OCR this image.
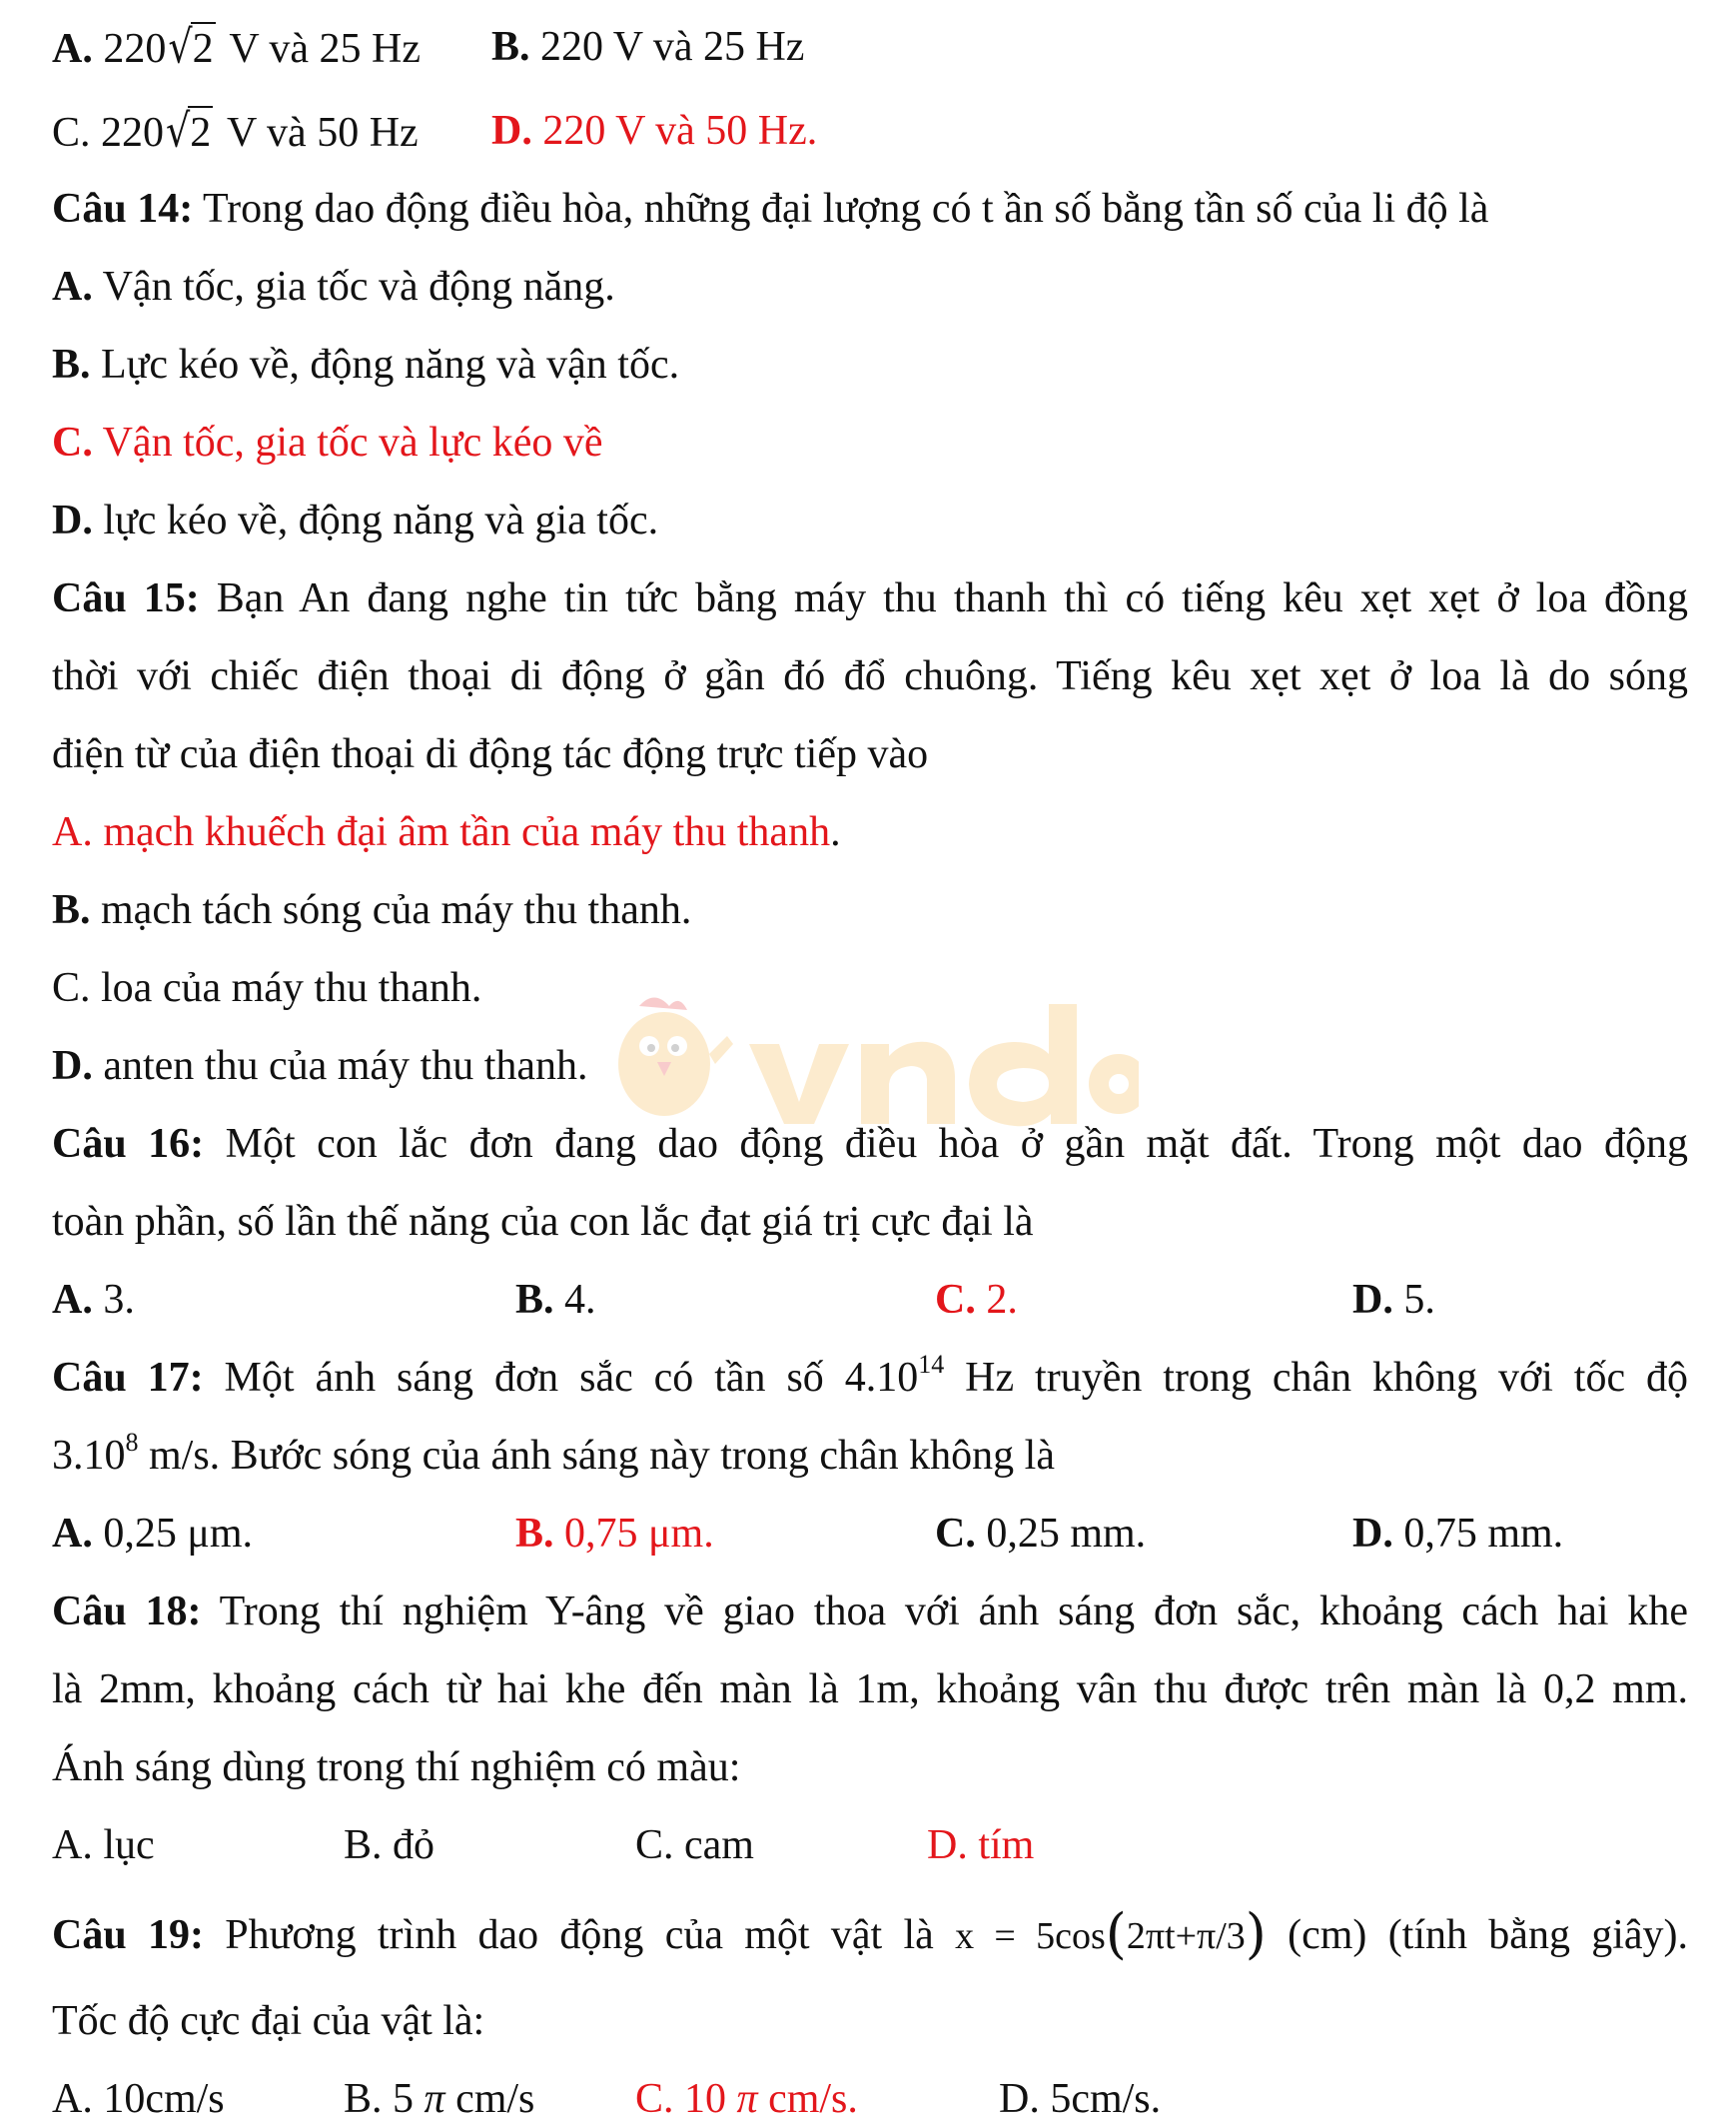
A. 220√2 V và 25 Hz B. 220 V và 25 Hz
C. 220√2 V và 50 Hz D. 220 V và 50 Hz.
Câu 14: Trong dao động điều hòa, những đại lượng có t ần số bằng tần số của li độ là
A. Vận tốc, gia tốc và động năng.
B. Lực kéo về, động năng và vận tốc.
C. Vận tốc, gia tốc và lực kéo về
D. lực kéo về, động năng và gia tốc.
Câu 15: Bạn An đang nghe tin tức bằng máy thu thanh thì có tiếng kêu xẹt xẹt ở loa đồng
thời với chiếc điện thoại di động ở gần đó đổ chuông. Tiếng kêu xẹt xẹt ở loa là do sóng
điện từ của điện thoại di động tác động trực tiếp vào
A. mạch khuếch đại âm tần của máy thu thanh.
B. mạch tách sóng của máy thu thanh.
C. loa của máy thu thanh.
D. anten thu của máy thu thanh.
Câu 16: Một con lắc đơn đang dao động điều hòa ở gần mặt đất. Trong một dao động
toàn phần, số lần thế năng của con lắc đạt giá trị cực đại là
A. 3.	B. 4.	C. 2.	D. 5.
Câu 17: Một ánh sáng đơn sắc có tần số 4.10$^{14}$ Hz truyền trong chân không với tốc độ
3.10$^8$ m/s. Bước sóng của ánh sáng này trong chân không là
A. 0,25 μm.	B. 0,75 μm.	C. 0,25 mm.	D. 0,75 mm.
Câu 18: Trong thí nghiệm Y-âng về giao thoa với ánh sáng đơn sắc, khoảng cách hai khe
là 2mm, khoảng cách từ hai khe đến màn là 1m, khoảng vân thu được trên màn là 0,2 mm.
Ánh sáng dùng trong thí nghiệm có màu:
A. lục	B. đỏ	C. cam	D. tím
Câu 19: Phương trình dao động của một vật là x = 5cos(2πt+π/3) (cm) (tính bằng giây).
Tốc độ cực đại của vật là:
A. 10cm/s	B. 5 π cm/s C. 10 π cm/s.	D. 5cm/s.
